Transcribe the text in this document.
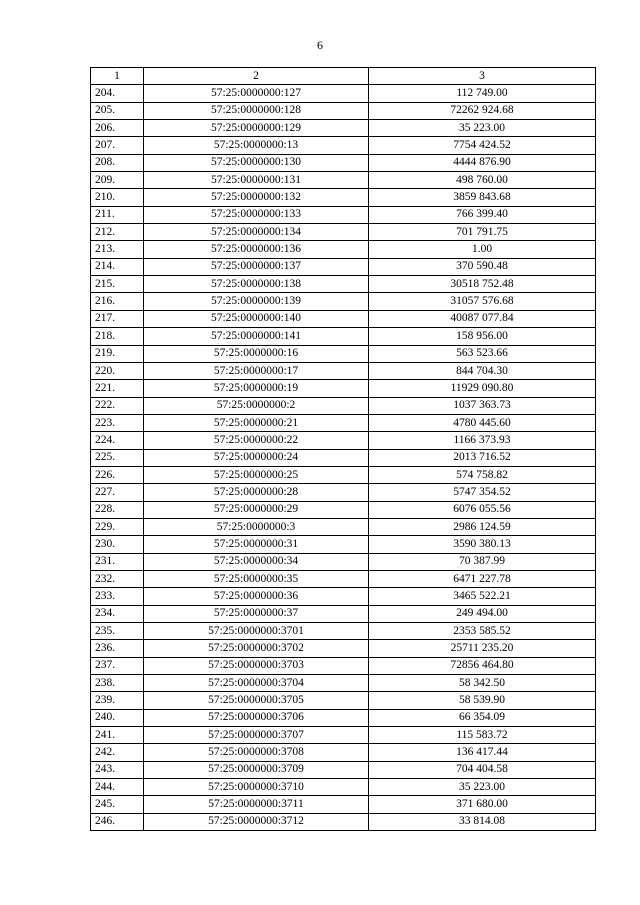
6
1	2	3
204.	57:25:0000000:127	112 749.00
205.	57:25:0000000:128	72262 924.68
206.	57:25:0000000:129	35 223.00
207.	57:25:0000000:13	7754 424.52
208.	57:25:0000000:130	4444 876.90
209.	57:25:0000000:131	498 760.00
210.	57:25:0000000:132	3859 843.68
211.	57:25:0000000:133	766 399.40
212.	57:25:0000000:134	701 791.75
213.	57:25:0000000:136	1.00
214.	57:25:0000000:137	370 590.48
215.	57:25:0000000:138	30518 752.48
216.	57:25:0000000:139	31057 576.68
217.	57:25:0000000:140	40087 077.84
218.	57:25:0000000:141	158 956.00
219.	57:25:0000000:16	563 523.66
220.	57:25:0000000:17	844 704.30
221.	57:25:0000000:19	11929 090.80
222.	57:25:0000000:2	1037 363.73
223.	57:25:0000000:21	4780 445.60
224.	57:25:0000000:22	1166 373.93
225.	57:25:0000000:24	2013 716.52
226.	57:25:0000000:25	574 758.82
227.	57:25:0000000:28	5747 354.52
228.	57:25:0000000:29	6076 055.56
229.	57:25:0000000:3	2986 124.59
230.	57:25:0000000:31	3590 380.13
231.	57:25:0000000:34	70 387.99
232.	57:25:0000000:35	6471 227.78
233.	57:25:0000000:36	3465 522.21
234.	57:25:0000000:37	249 494.00
235.	57:25:0000000:3701	2353 585.52
236.	57:25:0000000:3702	25711 235.20
237.	57:25:0000000:3703	72856 464.80
238.	57:25:0000000:3704	58 342.50
239.	57:25:0000000:3705	58 539.90
240.	57:25:0000000:3706	66 354.09
241.	57:25:0000000:3707	115 583.72
242.	57:25:0000000:3708	136 417.44
243.	57:25:0000000:3709	704 404.58
244.	57:25:0000000:3710	35 223.00
245.	57:25:0000000:3711	371 680.00
246.	57:25:0000000:3712	33 814.08
